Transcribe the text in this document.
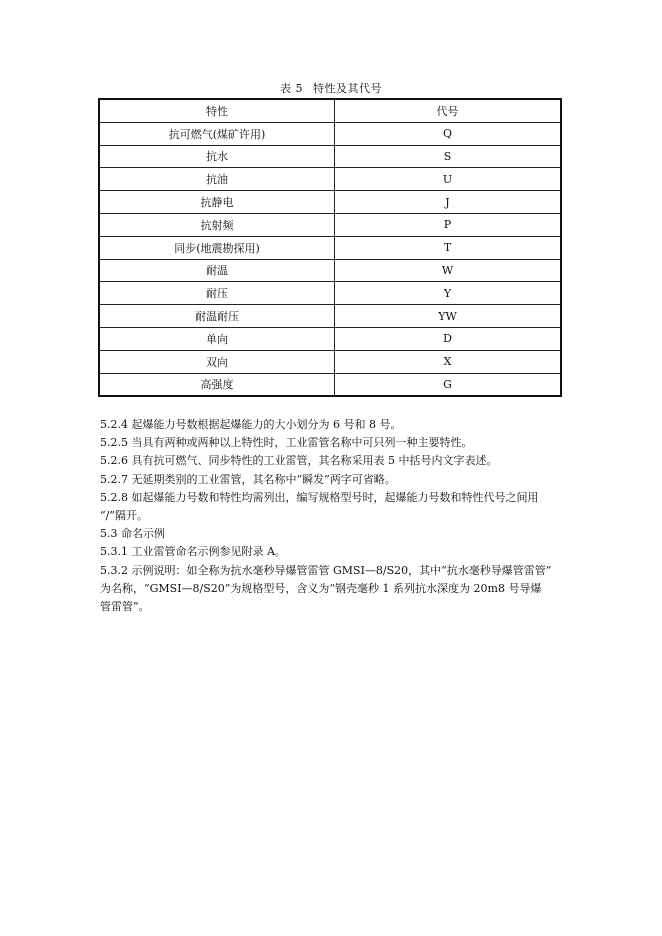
表 5 特性及其代号
特性	代号
抗可燃气(煤矿许用)	Q
抗水	S
抗油	U
抗静电	J
抗射频	P
同步(地震勘探用)	T
耐温	W
耐压	Y
耐温耐压	YW
单向	D
双向	X
高强度	G

5.2.4 起爆能力号数根据起爆能力的大小划分为 6 号和 8 号。

5.2.5 当具有两种或两种以上特性时，工业雷管名称中可只列一种主要特性。

5.2.6 具有抗可燃气、同步特性的工业雷管，其名称采用表 5 中括号内文字表述。

5.2.7 无延期类别的工业雷管，其名称中“瞬发”两字可省略。

5.2.8 如起爆能力号数和特性均需列出，编写规格型号时，起爆能力号数和特性代号之间用

“/”隔开。

5.3 命名示例

5.3.1 工业雷管命名示例参见附录 A。

5.3.2 示例说明：如全称为抗水毫秒导爆管雷管 GMSI—8/S20，其中“抗水毫秒导爆管雷管”

为名称，“GMSI—8/S20”为规格型号，含义为“钢壳毫秒 1 系列抗水深度为 20m8 号导爆

管雷管”。
